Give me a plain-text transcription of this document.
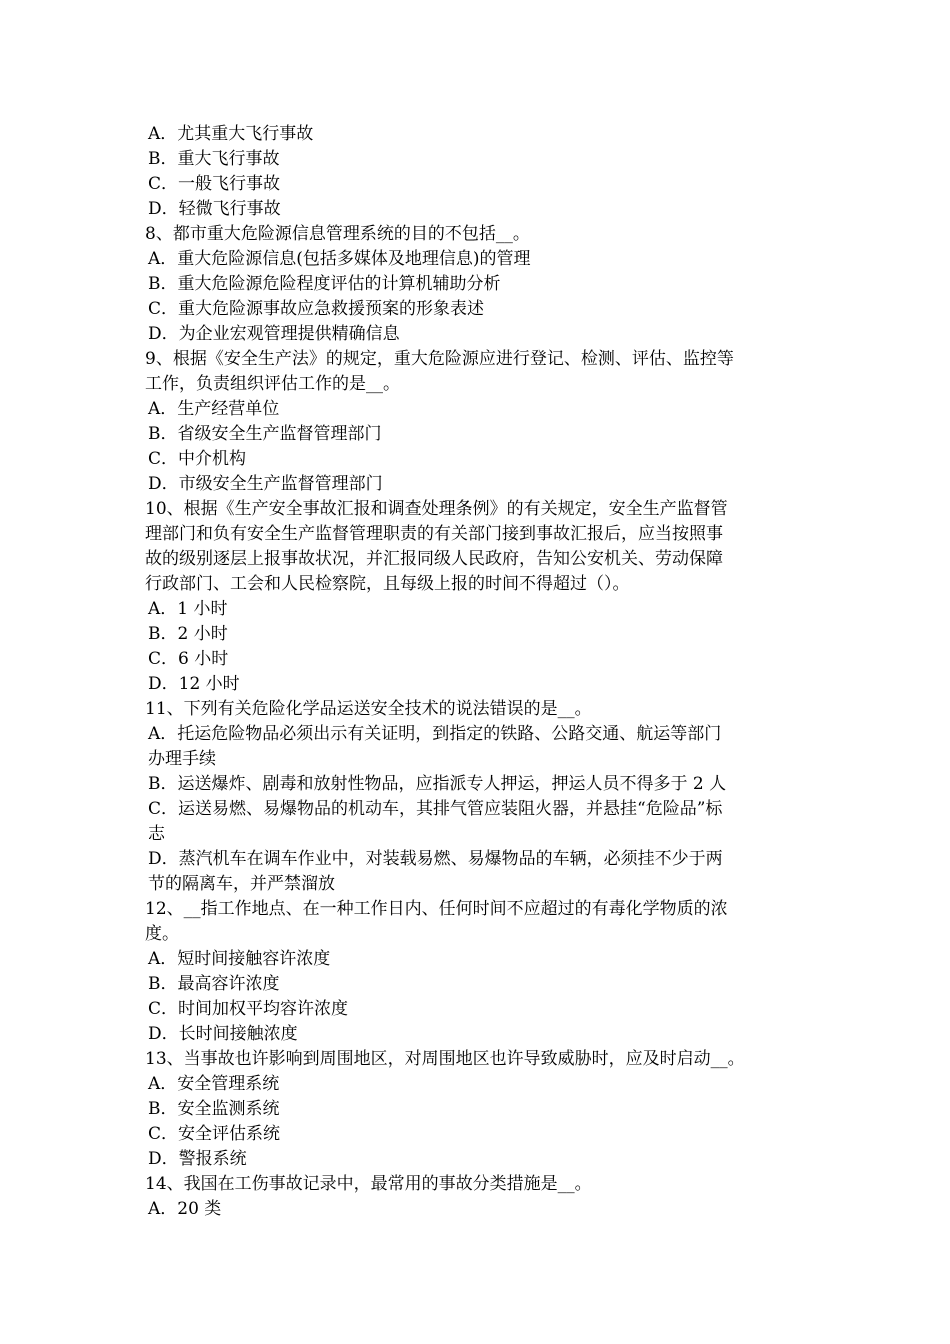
A．尤其重大飞行事故
B．重大飞行事故
C．一般飞行事故
D．轻微飞行事故
8、都市重大危险源信息管理系统的目的不包括__。
A．重大危险源信息(包括多媒体及地理信息)的管理
B．重大危险源危险程度评估的计算机辅助分析
C．重大危险源事故应急救援预案的形象表述
D．为企业宏观管理提供精确信息
9、根据《安全生产法》的规定，重大危险源应进行登记、检测、评估、监控等
工作，负责组织评估工作的是__。
A．生产经营单位
B．省级安全生产监督管理部门
C．中介机构
D．市级安全生产监督管理部门
10、根据《生产安全事故汇报和调查处理条例》的有关规定，安全生产监督管
理部门和负有安全生产监督管理职责的有关部门接到事故汇报后，应当按照事
故的级别逐层上报事故状况，并汇报同级人民政府，告知公安机关、劳动保障
行政部门、工会和人民检察院，且每级上报的时间不得超过（）。
A．1 小时
B．2 小时
C．6 小时
D．12 小时
11、下列有关危险化学品运送安全技术的说法错误的是__。
A．托运危险物品必须出示有关证明，到指定的铁路、公路交通、航运等部门
办理手续
B．运送爆炸、剧毒和放射性物品，应指派专人押运，押运人员不得多于 2 人
C．运送易燃、易爆物品的机动车，其排气管应装阻火器，并悬挂“危险品”标
志
D．蒸汽机车在调车作业中，对装载易燃、易爆物品的车辆，必须挂不少于两
节的隔离车，并严禁溜放
12、__指工作地点、在一种工作日内、任何时间不应超过的有毒化学物质的浓
度。
A．短时间接触容许浓度
B．最高容许浓度
C．时间加权平均容许浓度
D．长时间接触浓度
13、当事故也许影响到周围地区，对周围地区也许导致威胁时，应及时启动__。
A．安全管理系统
B．安全监测系统
C．安全评估系统
D．警报系统
14、我国在工伤事故记录中，最常用的事故分类措施是__。
A．20 类
